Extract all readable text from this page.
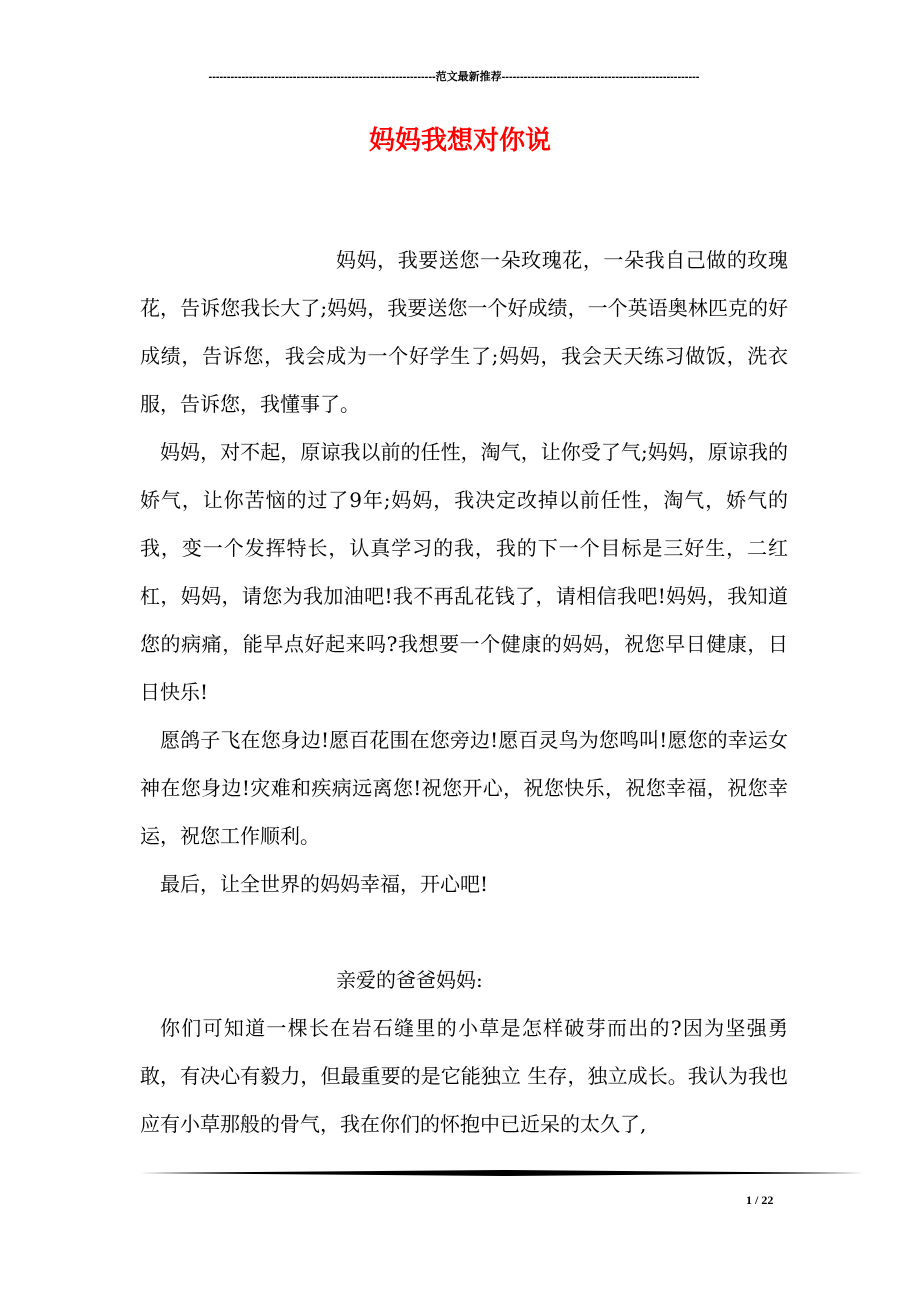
--------------------------------------------------------------范文最新推荐------------------------------------------------------
妈妈我想对你说

妈妈，我要送您一朵玫瑰花，一朵我自己做的玫瑰花，告诉您我长大了;妈妈，我要送您一个好成绩，一个英语奥林匹克的好成绩，告诉您，我会成为一个好学生了;妈妈，我会天天练习做饭，洗衣服，告诉您，我懂事了。

妈妈，对不起，原谅我以前的任性，淘气，让你受了气;妈妈，原谅我的娇气，让你苦恼的过了9年;妈妈，我决定改掉以前任性，淘气，娇气的我，变一个发挥特长，认真学习的我，我的下一个目标是三好生，二红杠，妈妈，请您为我加油吧!我不再乱花钱了，请相信我吧!妈妈，我知道您的病痛，能早点好起来吗?我想要一个健康的妈妈，祝您早日健康，日日快乐!

愿鸽子飞在您身边!愿百花围在您旁边!愿百灵鸟为您鸣叫!愿您的幸运女神在您身边!灾难和疾病远离您!祝您开心，祝您快乐，祝您幸福，祝您幸运，祝您工作顺利。

最后，让全世界的妈妈幸福，开心吧!

亲爱的爸爸妈妈:

你们可知道一棵长在岩石缝里的小草是怎样破芽而出的?因为坚强勇敢，有决心有毅力，但最重要的是它能独立 生存，独立成长。我认为我也应有小草那般的骨气，我在你们的怀抱中已近呆的太久了,

1 / 22
